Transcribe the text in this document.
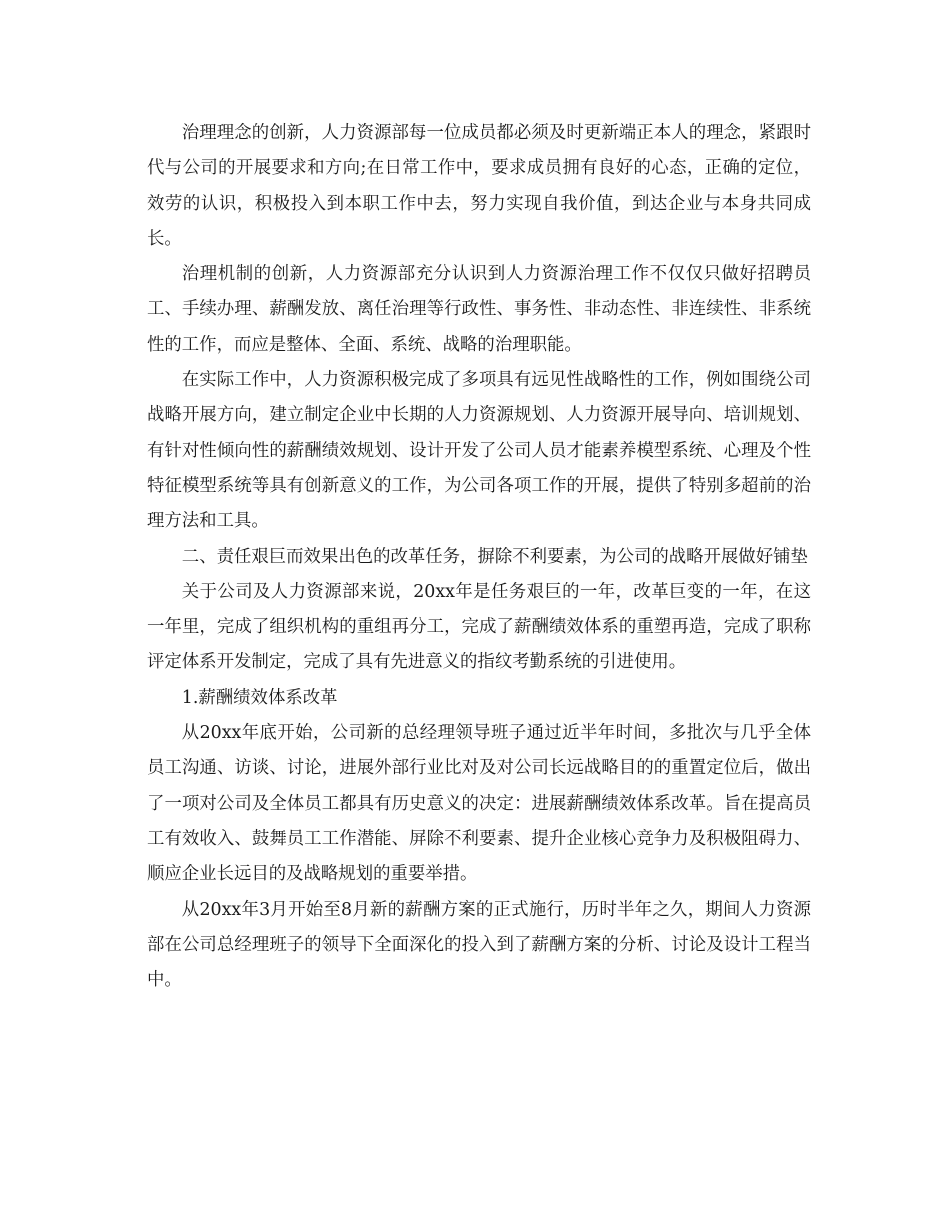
治理理念的创新，人力资源部每一位成员都必须及时更新端正本人的理念，紧跟时代与公司的开展要求和方向;在日常工作中，要求成员拥有良好的心态，正确的定位，效劳的认识，积极投入到本职工作中去，努力实现自我价值，到达企业与本身共同成长。

治理机制的创新，人力资源部充分认识到人力资源治理工作不仅仅只做好招聘员工、手续办理、薪酬发放、离任治理等行政性、事务性、非动态性、非连续性、非系统性的工作，而应是整体、全面、系统、战略的治理职能。

在实际工作中，人力资源积极完成了多项具有远见性战略性的工作，例如围绕公司战略开展方向，建立制定企业中长期的人力资源规划、人力资源开展导向、培训规划、有针对性倾向性的薪酬绩效规划、设计开发了公司人员才能素养模型系统、心理及个性特征模型系统等具有创新意义的工作，为公司各项工作的开展，提供了特别多超前的治理方法和工具。

二、责任艰巨而效果出色的改革任务，摒除不利要素，为公司的战略开展做好铺垫

关于公司及人力资源部来说，20xx年是任务艰巨的一年，改革巨变的一年，在这一年里，完成了组织机构的重组再分工，完成了薪酬绩效体系的重塑再造，完成了职称评定体系开发制定，完成了具有先进意义的指纹考勤系统的引进使用。

1.薪酬绩效体系改革

从20xx年底开始，公司新的总经理领导班子通过近半年时间，多批次与几乎全体员工沟通、访谈、讨论，进展外部行业比对及对公司长远战略目的的重置定位后，做出了一项对公司及全体员工都具有历史意义的决定：进展薪酬绩效体系改革。旨在提高员工有效收入、鼓舞员工工作潜能、屏除不利要素、提升企业核心竞争力及积极阻碍力、顺应企业长远目的及战略规划的重要举措。

从20xx年3月开始至8月新的薪酬方案的正式施行，历时半年之久，期间人力资源部在公司总经理班子的领导下全面深化的投入到了薪酬方案的分析、讨论及设计工程当中。
